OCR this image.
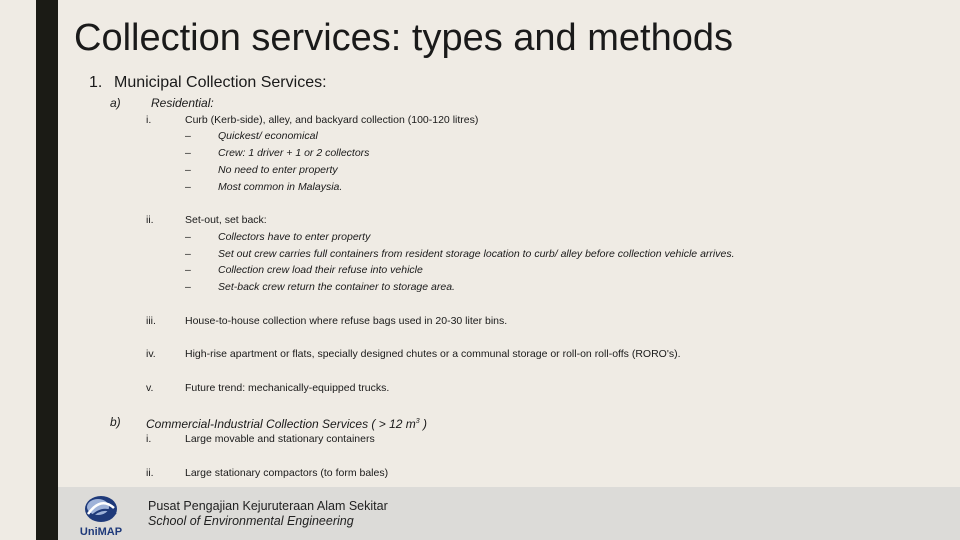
Collection services: types and methods
1. Municipal Collection Services:
a)	Residential:
i.	Curb (Kerb-side), alley, and backyard collection (100-120 litres)
–	Quickest/ economical
–	Crew: 1 driver + 1 or 2 collectors
–	No need to enter property
–	Most common in Malaysia.
ii.	Set-out, set back:
–	Collectors have to enter property
–	Set out crew carries full containers from resident storage location to curb/ alley before collection vehicle arrives.
–	Collection crew load their refuse into vehicle
–	Set-back crew return the container to storage area.
iii.	House-to-house collection where refuse bags used in 20-30 liter bins.
iv.	High-rise apartment or flats, specially designed chutes or a communal storage or roll-on roll-offs (RORO's).
v.	Future trend: mechanically-equipped trucks.
b) Commercial-Industrial Collection Services ( > 12 $m^3$ )
i.	Large movable and stationary containers
ii.	Large stationary compactors (to form bales)
UniMAP
Pusat Pengajian Kejuruteraan Alam Sekitar
School of Environmental Engineering
